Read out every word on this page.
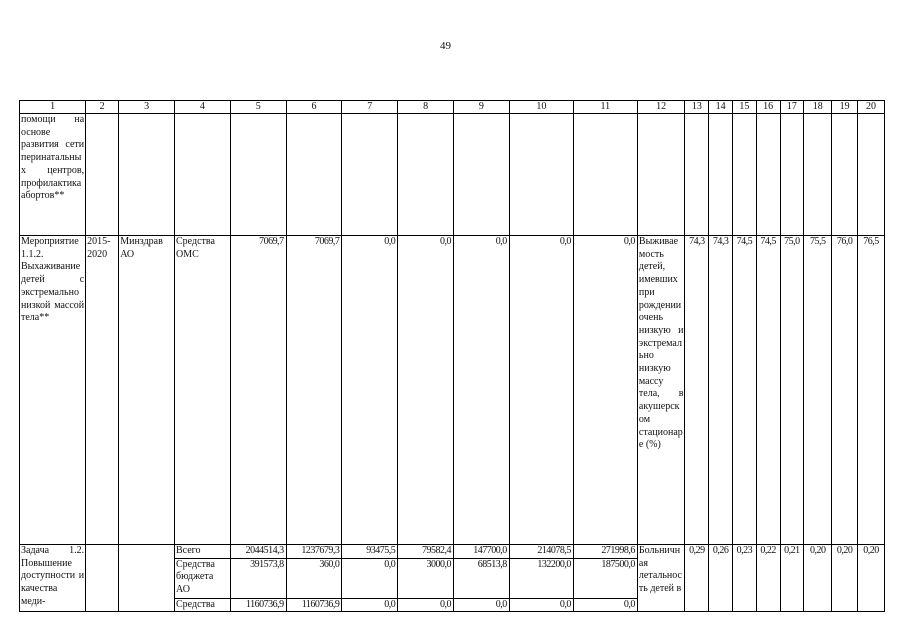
49
1	2	3	4	5	6	7	8	9	10	11	12	13	14	15	16	17	18	19	20
помощи на основе развития сети перинатальных центров, профилактика абортов**																			
Мероприятие 1.1.2. Выхаживание детей с экстремально низкой массой тела**	2015-2020	Минздрав АО	Средства ОМС	7069,7	7069,7	0,0	0,0	0,0	0,0	0,0	Выживаемость детей, имевших при рождении очень низкую и экстремально низкую массу тела, в акушерском стационаре (%)	74,3	74,3	74,5	74,5	75,0	75,5	76,0	76,5
Задача 1.2. Повышение доступности и качества меди-			Всего	2044514,3	1237679,3	93475,5	79582,4	147700,0	214078,5	271998,6	Больничная летальность детей в	0,29	0,26	0,23	0,22	0,21	0,20	0,20	0,20
			Средства бюджета АО	391573,8	360,0	0,0	3000,0	68513,8	132200,0	187500,0									
			Средства	1160736,9	1160736,9	0,0	0,0	0,0	0,0	0,0									
